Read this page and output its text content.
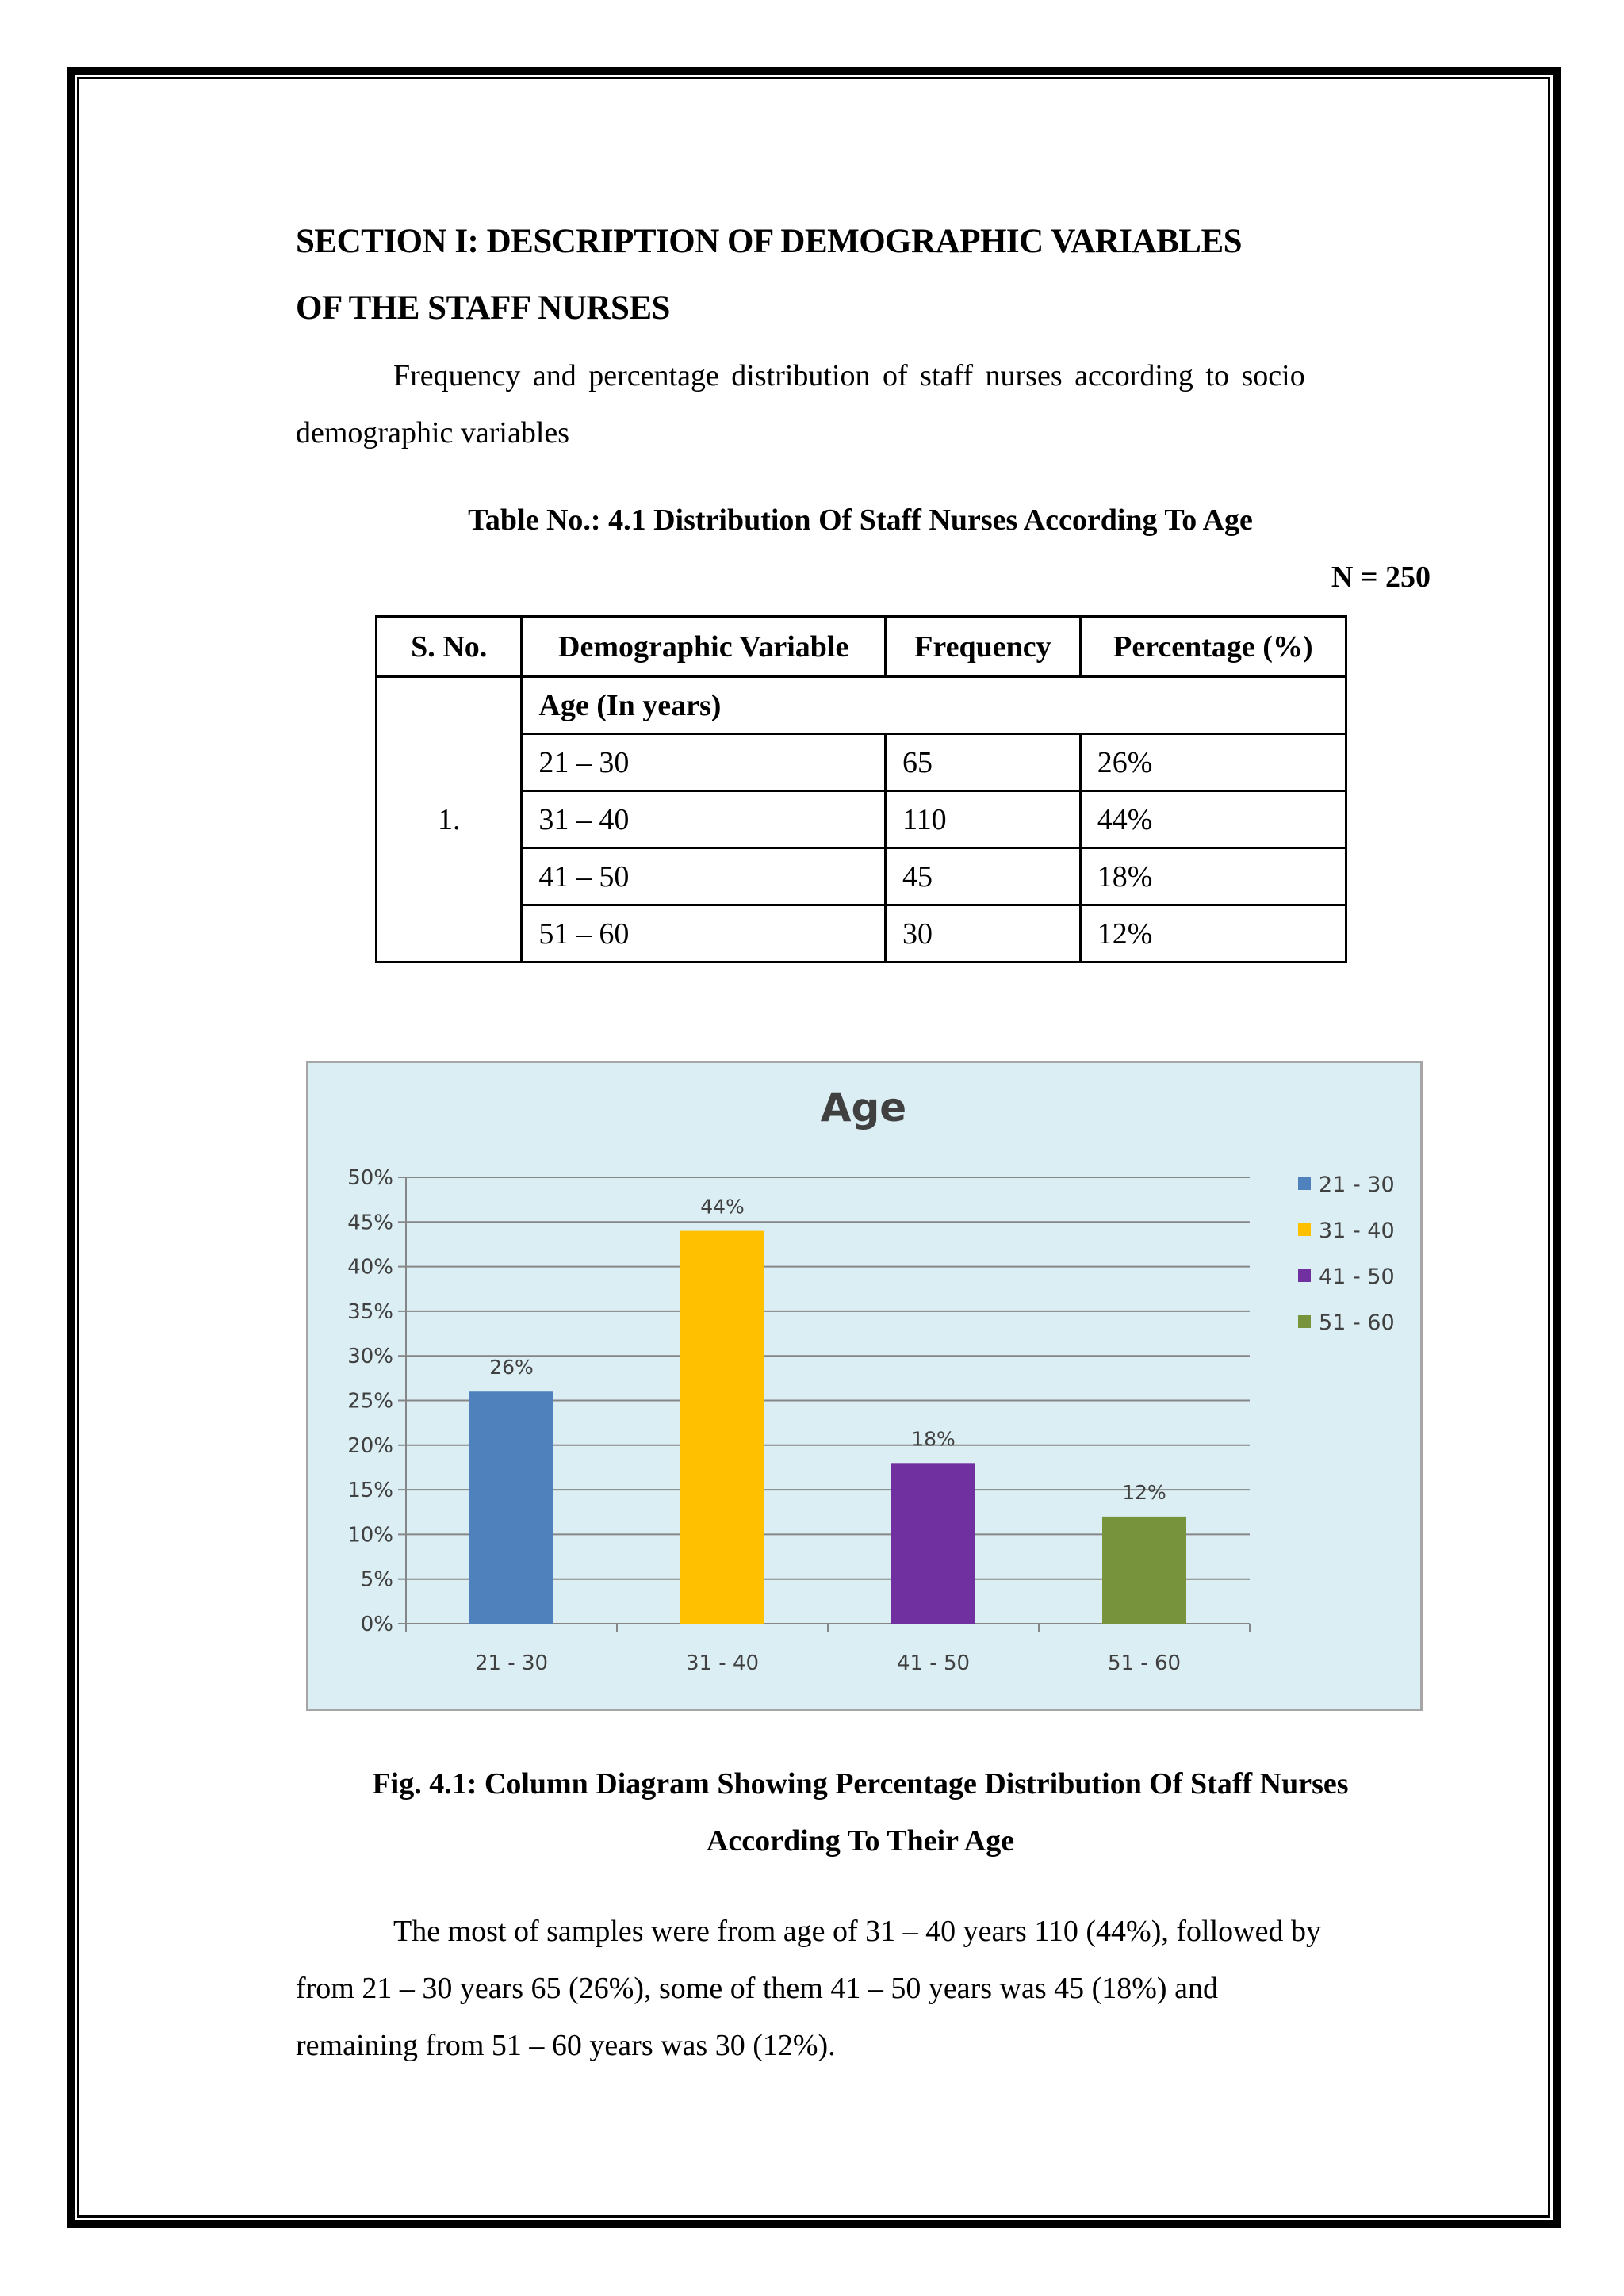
SECTION I: DESCRIPTION OF DEMOGRAPHIC VARIABLES
OF THE STAFF NURSES
Frequency and percentage distribution of staff nurses according to socio
demographic variables
Table No.: 4.1 Distribution Of Staff Nurses According To Age
N = 250
S. No.	Demographic Variable	Frequency	Percentage (%)
1.	Age (In years)		
	21 – 30	65	26%
	31 – 40	110	44%
	41 – 50	45	18%
	51 – 60	30	12%
Age
0%
5%
10%
15%
20%
25%
30%
35%
40%
45%
50%
26%
21 - 30
44%
31 - 40
18%
41 - 50
12%
51 - 60
21 - 30
31 - 40
41 - 50
51 - 60
Fig. 4.1: Column Diagram Showing Percentage Distribution Of Staff Nurses
According To Their Age
The most of samples were from age of 31 – 40 years 110 (44%), followed by
from 21 – 30 years 65 (26%), some of them 41 – 50 years was 45 (18%) and
remaining from 51 – 60 years was 30 (12%).
